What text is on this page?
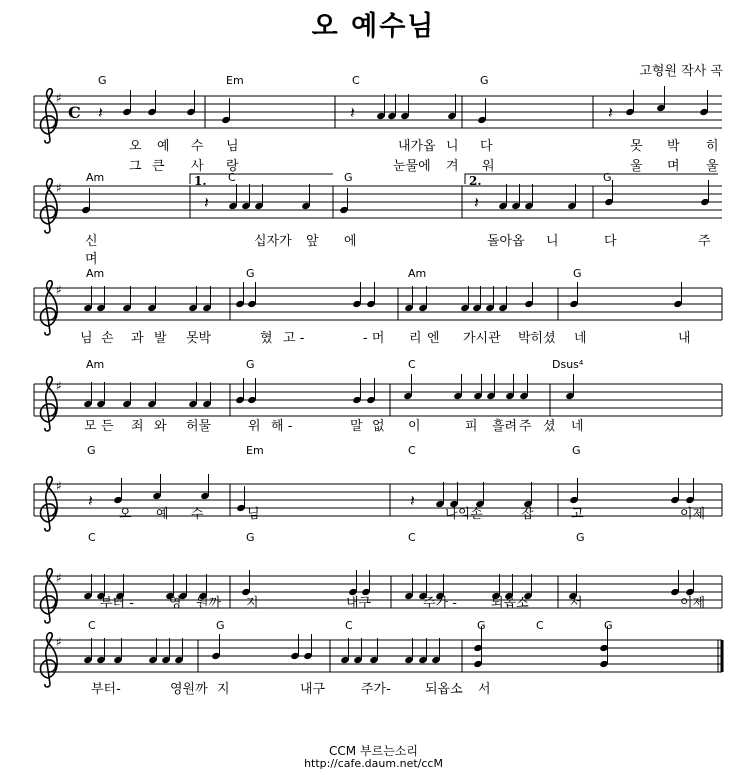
오 예수님
고형원 작사 곡
♯
C
G	Em	C	G
𝄽	𝄽	𝄽
오 예 수 님	내가옵 니 다	못 박 히
그 큰 사 랑	눈물에 겨 워	울 며 울
♯	1.	2.
Am	C	G	G
𝄽	𝄽
신	십자가 앞 에	돌아옵 니	다	주
며
♯
Am	G	Am	G
님 손 과 발 못박	혔 고 -	- 머 리 엔 가시관 박히셨 네	내
♯
Am	G	C	Dsus⁴
모 든 죄 와 허물	위 해 -	말 없 이	피 흘려 주 셨 네
♯
G	Em	C	G
𝄽	𝄽
오 예 수	님	나의손	잡	고	이제
♯
C	G	C	G
부터 -	영 원까 지	내구	주가 -	되옵소	서	이제
♯
C	G	C	G	C	G
부터-	영원까 지	내구	주가-	되옵소 서
CCM 부르는소리
http://cafe.daum.net/ccM
